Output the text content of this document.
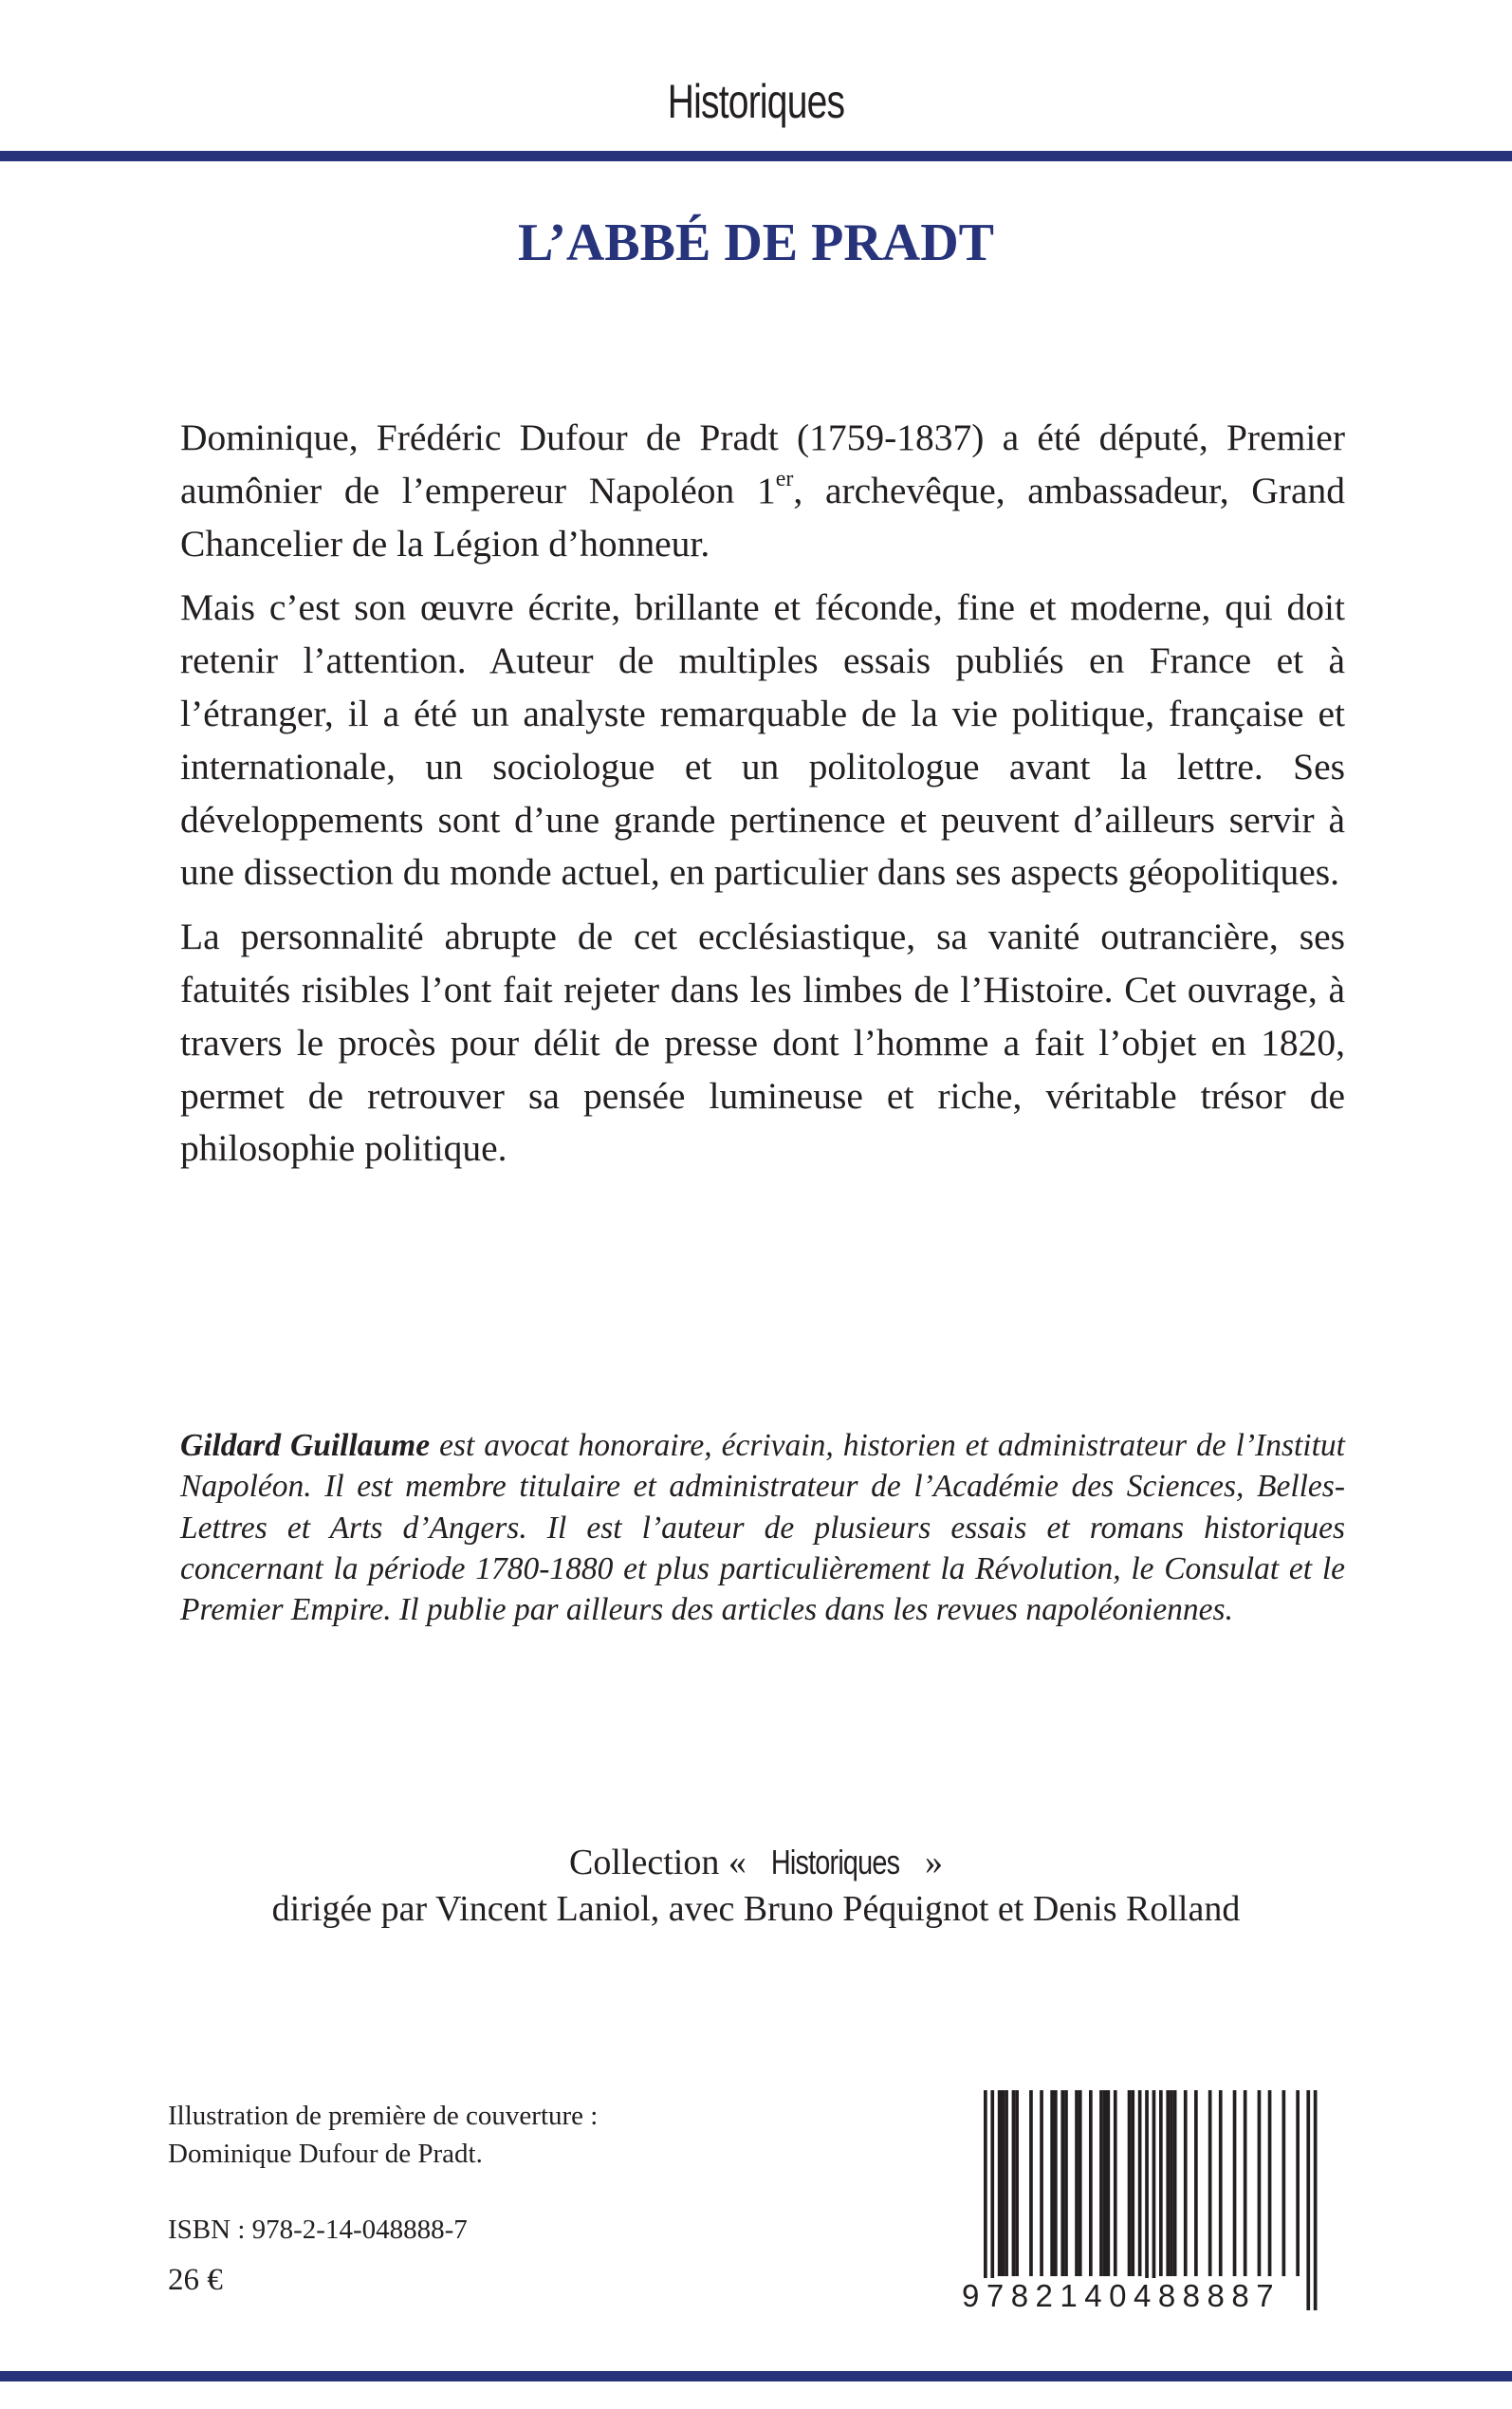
Historiques
L’ABBÉ DE PRADT

Dominique, Frédéric Dufour de Pradt (1759-1837) a été député, Premier aumônier de l’empereur Napoléon 1er, archevêque, ambassadeur, Grand Chancelier de la Légion d’honneur.

Mais c’est son œuvre écrite, brillante et féconde, fine et moderne, qui doit retenir l’attention. Auteur de multiples essais publiés en France et à l’étranger, il a été un analyste remarquable de la vie politique, française et internationale, un sociologue et un politologue avant la lettre. Ses développements sont d’une grande pertinence et peuvent d’ailleurs servir à une dissection du monde actuel, en particulier dans ses aspects géopolitiques.

La personnalité abrupte de cet ecclésiastique, sa vanité outrancière, ses fatuités risibles l’ont fait rejeter dans les limbes de l’Histoire. Cet ouvrage, à travers le procès pour délit de presse dont l’homme a fait l’objet en 1820, permet de retrouver sa pensée lumineuse et riche, véritable trésor de philosophie politique.

Gildard Guillaume est avocat honoraire, écrivain, historien et administrateur de l’Institut Napoléon. Il est membre titulaire et administrateur de l’Académie des Sciences, Belles-Lettres et Arts d’Angers. Il est l’auteur de plusieurs essais et romans historiques concernant la période 1780-1880 et plus particulièrement la Révolution, le Consulat et le Premier Empire. Il publie par ailleurs des articles dans les revues napoléoniennes.

Collection « Historiques »
dirigée par Vincent Laniol, avec Bruno Péquignot et Denis Rolland
Illustration de première de couverture :
Dominique Dufour de Pradt.
ISBN : 978-2-14-048888-7
26 €	9782140488887
